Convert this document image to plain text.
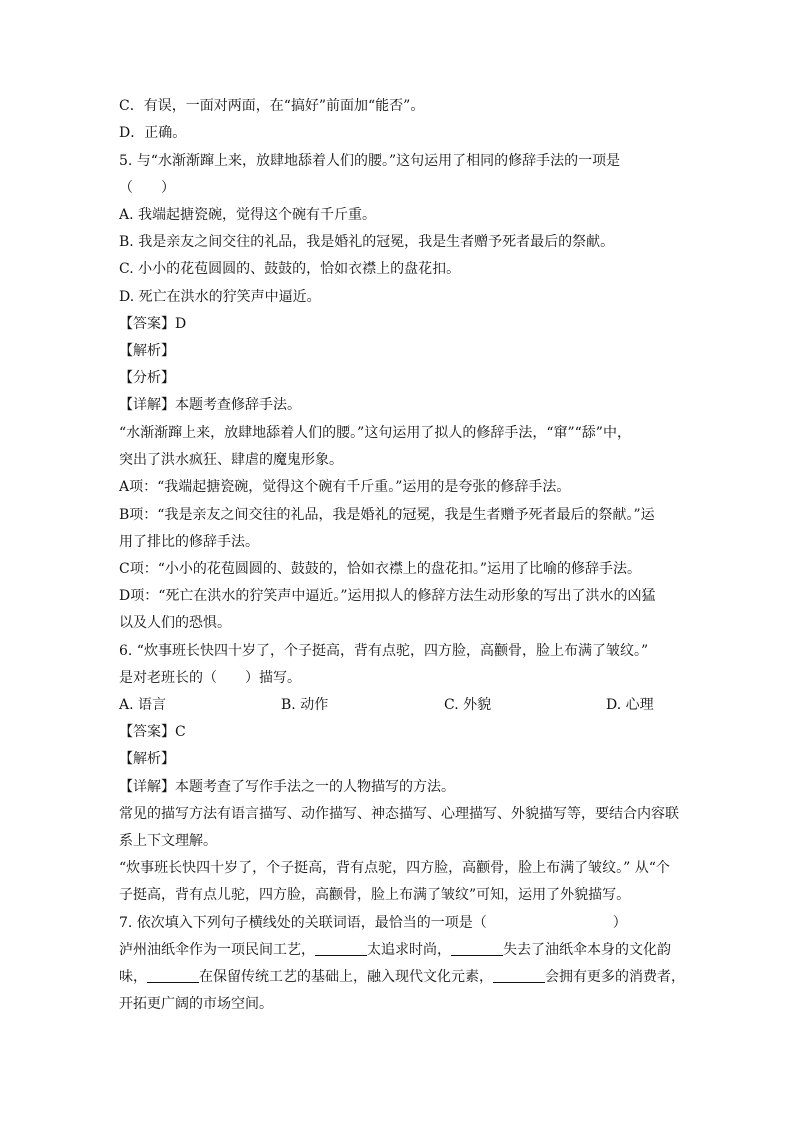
C．有误，一面对两面，在“搞好”前面加“能否”。
D．正确。
5. 与“水渐渐蹿上来，放肆地舔着人们的腰。”这句运用了相同的修辞手法的一项是
（　　）
A. 我端起搪瓷碗，觉得这个碗有千斤重。
B. 我是亲友之间交往的礼品，我是婚礼的冠冕，我是生者赠予死者最后的祭献。
C. 小小的花苞圆圆的、鼓鼓的，恰如衣襟上的盘花扣。
D. 死亡在洪水的狞笑声中逼近。
【答案】D
【解析】
【分析】
【详解】本题考查修辞手法。
“水渐渐蹿上来，放肆地舔着人们的腰。”这句运用了拟人的修辞手法，“窜”“舔”中，
突出了洪水疯狂、肆虐的魔鬼形象。
A项：“我端起搪瓷碗，觉得这个碗有千斤重。”运用的是夸张的修辞手法。
B项：“我是亲友之间交往的礼品，我是婚礼的冠冕，我是生者赠予死者最后的祭献。”运
用了排比的修辞手法。
C项：“小小的花苞圆圆的、鼓鼓的，恰如衣襟上的盘花扣。”运用了比喻的修辞手法。
D项：“死亡在洪水的狞笑声中逼近。”运用拟人的修辞方法生动形象的写出了洪水的凶猛
以及人们的恐惧。
6. “炊事班长快四十岁了，个子挺高，背有点驼，四方脸，高颧骨，脸上布满了皱纹。”
是对老班长的（　　）描写。
A. 语言	B. 动作	C. 外貌	D. 心理
【答案】C
【解析】
【详解】本题考查了写作手法之一的人物描写的方法。
常见的描写方法有语言描写、动作描写、神态描写、心理描写、外貌描写等，要结合内容联
系上下文理解。
“炊事班长快四十岁了，个子挺高，背有点驼，四方脸，高颧骨，脸上布满了皱纹。” 从“个
子挺高，背有点儿驼，四方脸，高颧骨，脸上布满了皱纹”可知，运用了外貌描写。
7. 依次填入下列句子横线处的关联词语，最恰当的一项是（　　　　　　　　　）
泸州油纸伞作为一项民间工艺，	太追求时尚，	失去了油纸伞本身的文化韵
味，	在保留传统工艺的基础上，融入现代文化元素，	会拥有更多的消费者，
开拓更广阔的市场空间。
